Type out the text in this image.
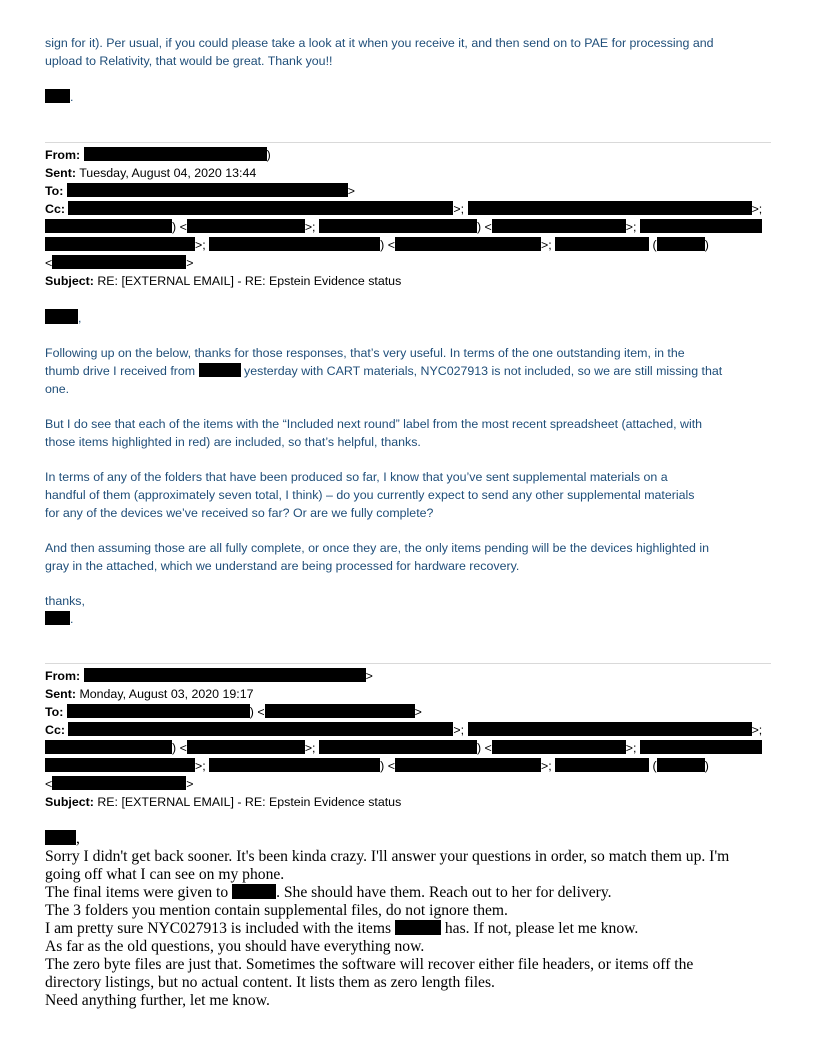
sign for it). Per usual, if you could please take a look at it when you receive it, and then send on to PAE for processing and

upload to Relativity, that would be great. Thank you!!

.

From:	)

Sent: Tuesday, August 04, 2020 13:44

To:	>

Cc:	>;	>;

) <	>;	) <	>;

>;	) <	>;	(	)

<	>

Subject: RE: [EXTERNAL EMAIL] - RE: Epstein Evidence status

,

Following up on the below, thanks for those responses, that’s very useful. In terms of the one outstanding item, in the

thumb drive I received from	yesterday with CART materials, NYC027913 is not included, so we are still missing that

one.

But I do see that each of the items with the “Included next round” label from the most recent spreadsheet (attached, with

those items highlighted in red) are included, so that’s helpful, thanks.

In terms of any of the folders that have been produced so far, I know that you’ve sent supplemental materials on a

handful of them (approximately seven total, I think) – do you currently expect to send any other supplemental materials

for any of the devices we’ve received so far? Or are we fully complete?

And then assuming those are all fully complete, or once they are, the only items pending will be the devices highlighted in

gray in the attached, which we understand are being processed for hardware recovery.

thanks,

.

From:	>

Sent: Monday, August 03, 2020 19:17

To:	) <	>

Cc:	>;	>;

) <	>;	) <	>;

>;	) <	>;	(	)

<	>

Subject: RE: [EXTERNAL EMAIL] - RE: Epstein Evidence status

,

Sorry I didn't get back sooner. It's been kinda crazy. I'll answer your questions in order, so match them up. I'm

going off what I can see on my phone.

The final items were given to	. She should have them. Reach out to her for delivery.

The 3 folders you mention contain supplemental files, do not ignore them.

I am pretty sure NYC027913 is included with the items	has. If not, please let me know.

As far as the old questions, you should have everything now.

The zero byte files are just that. Sometimes the software will recover either file headers, or items off the

directory listings, but no actual content. It lists them as zero length files.

Need anything further, let me know.
